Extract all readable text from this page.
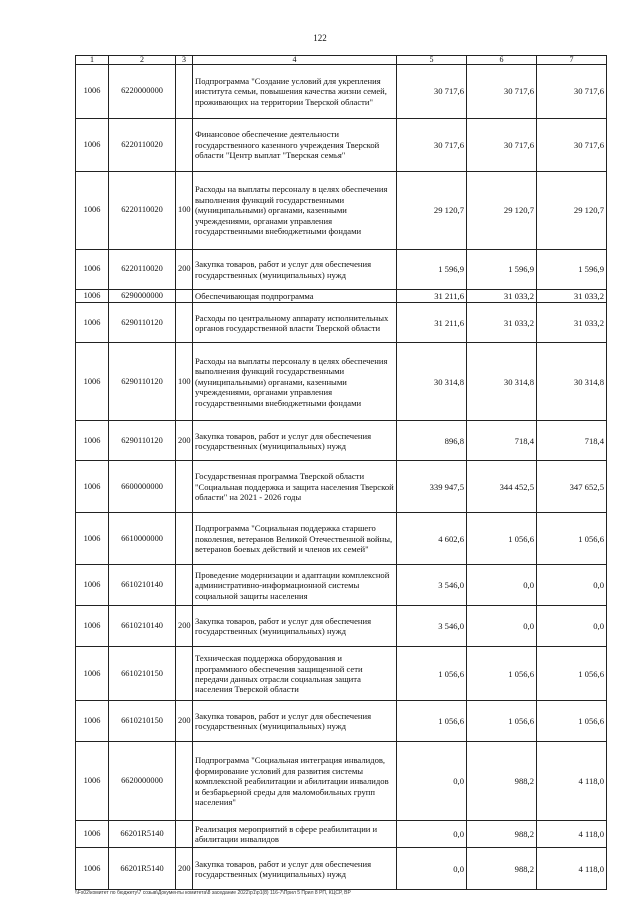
122
1	2	3	4	5	6	7
1006	6220000000		Подпрограмма "Создание условий для укрепления института семьи, повышения качества жизни семей, проживающих на территории Тверской области"	30 717,6	30 717,6	30 717,6
1006	6220110020		Финансовое обеспечение деятельности государственного казенного учреждения Тверской области "Центр выплат "Тверская семья"	30 717,6	30 717,6	30 717,6
1006	6220110020	100	Расходы на выплаты персоналу в целях обеспечения выполнения функций государственными (муниципальными) органами, казенными учреждениями, органами управления государственными внебюджетными фондами	29 120,7	29 120,7	29 120,7
1006	6220110020	200	Закупка товаров, работ и услуг для обеспечения государственных (муниципальных) нужд	1 596,9	1 596,9	1 596,9
1006	6290000000		Обеспечивающая подпрограмма	31 211,6	31 033,2	31 033,2
1006	6290110120		Расходы по центральному аппарату исполнительных органов государственной власти Тверской области	31 211,6	31 033,2	31 033,2
1006	6290110120	100	Расходы на выплаты персоналу в целях обеспечения выполнения функций государственными (муниципальными) органами, казенными учреждениями, органами управления государственными внебюджетными фондами	30 314,8	30 314,8	30 314,8
1006	6290110120	200	Закупка товаров, работ и услуг для обеспечения государственных (муниципальных) нужд	896,8	718,4	718,4
1006	6600000000		Государственная программа Тверской области "Социальная поддержка и защита населения Тверской области" на 2021 - 2026 годы	339 947,5	344 452,5	347 652,5
1006	6610000000		Подпрограмма "Социальная поддержка старшего поколения, ветеранов Великой Отечественной войны, ветеранов боевых действий и членов их семей"	4 602,6	1 056,6	1 056,6
1006	6610210140		Проведение модернизации и адаптации комплексной административно-информационной системы социальной защиты населения	3 546,0	0,0	0,0
1006	6610210140	200	Закупка товаров, работ и услуг для обеспечения государственных (муниципальных) нужд	3 546,0	0,0	0,0
1006	6610210150		Техническая поддержка оборудования и программного обеспечения защищенной сети передачи данных отрасли социальная защита населения Тверской области	1 056,6	1 056,6	1 056,6
1006	6610210150	200	Закупка товаров, работ и услуг для обеспечения государственных (муниципальных) нужд	1 056,6	1 056,6	1 056,6
1006	6620000000		Подпрограмма "Социальная интеграция инвалидов, формирование условий для развития системы комплексной реабилитации и абилитации инвалидов и безбарьерной среды для маломобильных групп населения"	0,0	988,2	4 118,0
1006	66201R5140		Реализация мероприятий в сфере реабилитации и абилитации инвалидов	0,0	988,2	4 118,0
1006	66201R5140	200	Закупка товаров, работ и услуг для обеспечения государственных (муниципальных) нужд	0,0	988,2	4 118,0
\\Fs02\комитет по бюджету\7 созыв\Документы комитета\8 заседание 2022\р1\р1(8) 116-7\Прил 5 Прил 8 РП, КЦСР, ВР
